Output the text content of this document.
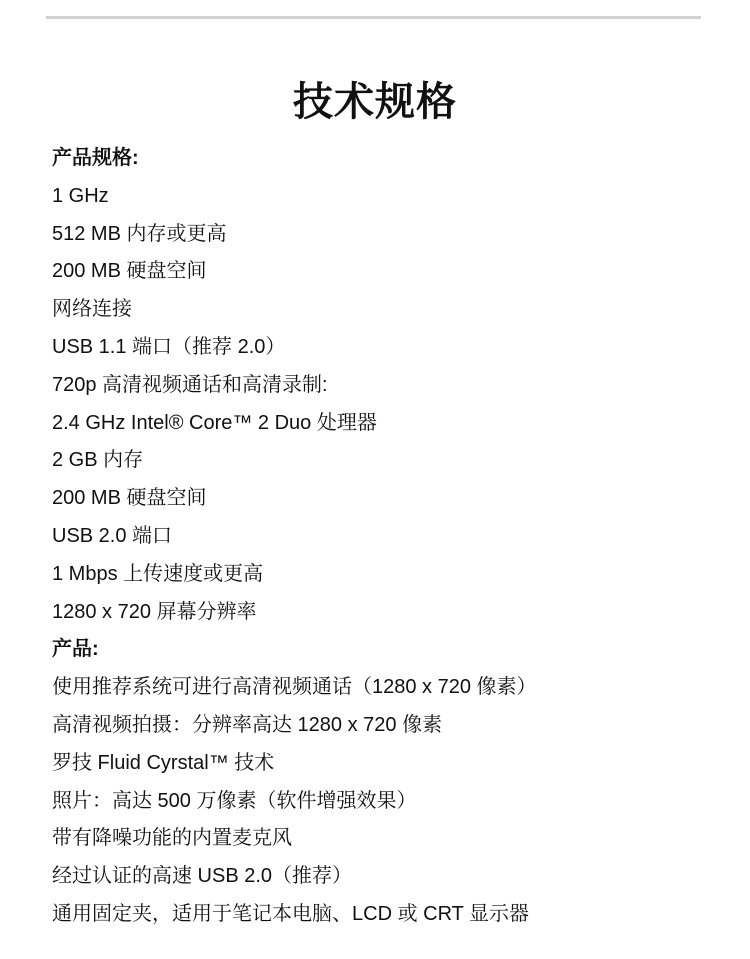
技术规格
产品规格:
1 GHz
512 MB 内存或更高
200 MB 硬盘空间
网络连接
USB 1.1 端口（推荐 2.0）
720p 高清视频通话和高清录制:
2.4 GHz Intel® Core™ 2 Duo 处理器
2 GB 内存
200 MB 硬盘空间
USB 2.0 端口
1 Mbps 上传速度或更高
1280 x 720 屏幕分辨率
产品:
使用推荐系统可进行高清视频通话（1280 x 720 像素）
高清视频拍摄：分辨率高达 1280 x 720 像素
罗技 Fluid Cyrstal™ 技术
照片：高达 500 万像素（软件增强效果）
带有降噪功能的内置麦克风
经过认证的高速 USB 2.0（推荐）
通用固定夹，适用于笔记本电脑、LCD 或 CRT 显示器
